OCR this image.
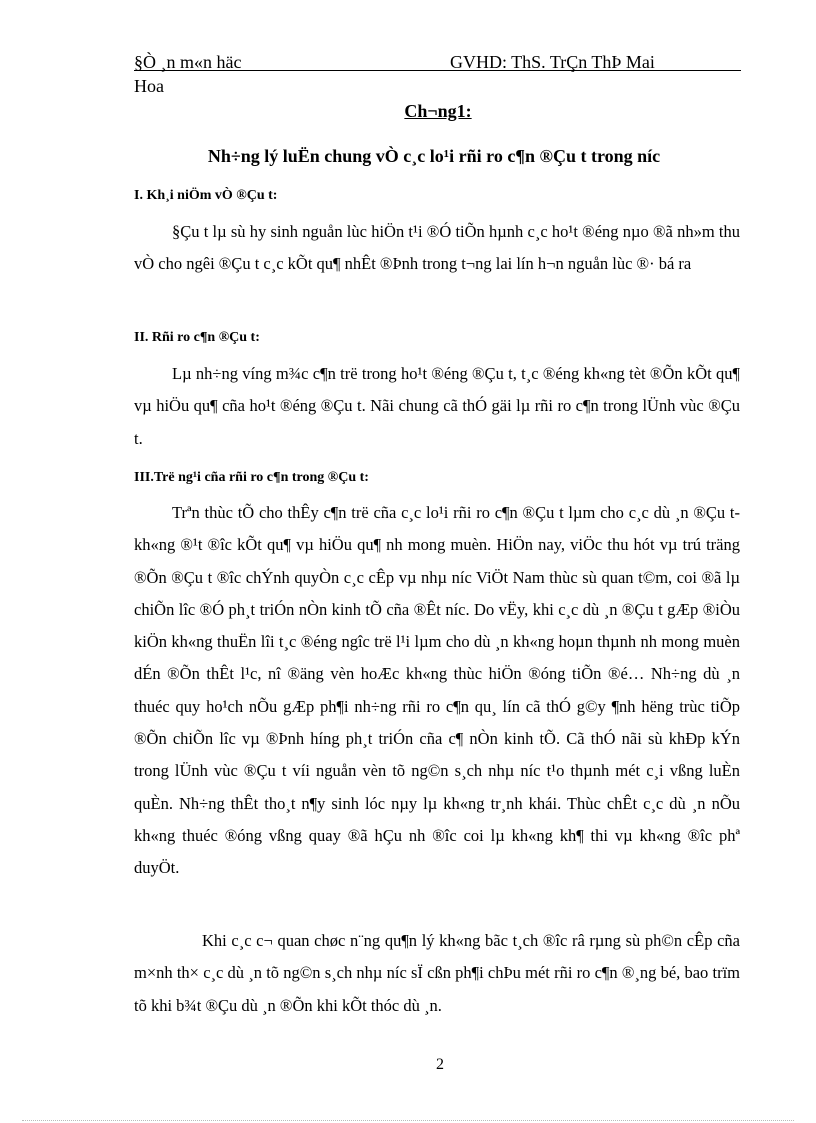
§Ò ¸n m«n häc	GVHD: ThS. TrÇn ThÞ Mai
Hoa
Ch¬ng1:
Nh÷ng lý luËn chung vÒ c¸c lo¹i rñi ro c¶n ®Çu t trong níc
I. Kh¸i niÖm vÒ ®Çu t:
§Çu t lµ sù hy sinh nguån lùc hiÖn t¹i ®Ó tiÕn hµnh c¸c ho¹t ®éng nµo ®ã nh»m thu vÒ cho ngêi ®Çu t c¸c kÕt qu¶ nhÊt ®Þnh trong t¬ng lai lín h¬n nguån lùc ®· bá ra
II. Rñi ro c¶n ®Çu t:
Lµ nh÷ng víng m¾c c¶n trë trong ho¹t ®éng ®Çu t, t¸c ®éng kh«ng tèt ®Õn kÕt qu¶ vµ hiÖu qu¶ cña ho¹t ®éng ®Çu t. Nãi chung cã thÓ gäi lµ rñi ro c¶n trong lÜnh vùc ®Çu t.
III.Trë ng¹i cña rñi ro c¶n trong ®Çu t:
Trªn thùc tÕ cho thÊy c¶n trë cña c¸c lo¹i rñi ro c¶n ®Çu t lµm cho c¸c dù ¸n ®Çu t kh«ng ®¹t ®îc kÕt qu¶ vµ hiÖu qu¶ nh mong muèn. HiÖn nay, viÖc thu hót vµ trú träng ®Õn ®Çu t ®îc chÝnh quyÒn c¸c cÊp vµ nhµ níc ViÖt Nam thùc sù quan t©m, coi ®ã lµ chiÕn lîc ®Ó ph¸t triÓn nÒn kinh tÕ cña ®Êt níc. Do vËy, khi c¸c dù ¸n ®Çu t gÆp ®iÒu kiÖn kh«ng thuËn lîi t¸c ®éng ngîc trë l¹i lµm cho dù ¸n kh«ng hoµn thµnh nh mong muèn dÉn ®Õn thÊt l¹c, nî ®äng vèn hoÆc kh«ng thùc hiÖn ®óng tiÕn ®é… Nh÷ng dù ¸n thuéc quy ho¹ch nÕu gÆp ph¶i nh÷ng rñi ro c¶n qu¸ lín cã thÓ g©y ¶nh hëng trùc tiÕp ®Õn chiÕn lîc vµ ®Þnh híng ph¸t triÓn cña c¶ nÒn kinh tÕ. Cã thÓ nãi sù khÐp kÝn trong lÜnh vùc ®Çu t víi nguån vèn tõ ng©n s¸ch nhµ níc t¹o thµnh mét c¸i vßng luÈn quÈn. Nh÷ng thÊt tho¸t n¶y sinh lóc nµy lµ kh«ng tr¸nh khái. Thùc chÊt c¸c dù ¸n nÕu kh«ng thuéc ®óng vßng quay ®ã hÇu nh ®îc coi lµ kh«ng kh¶ thi vµ kh«ng ®îc phª duyÖt.
Khi c¸c c¬ quan chøc n¨ng qu¶n lý kh«ng bãc t¸ch ®îc râ rµng sù ph©n cÊp cña m×nh th× c¸c dù ¸n tõ ng©n s¸ch nhµ níc sÏ cßn ph¶i chÞu mét rñi ro c¶n ®¸ng bé, bao trïm tõ khi b¾t ®Çu dù ¸n ®Õn khi kÕt thóc dù ¸n.
2
